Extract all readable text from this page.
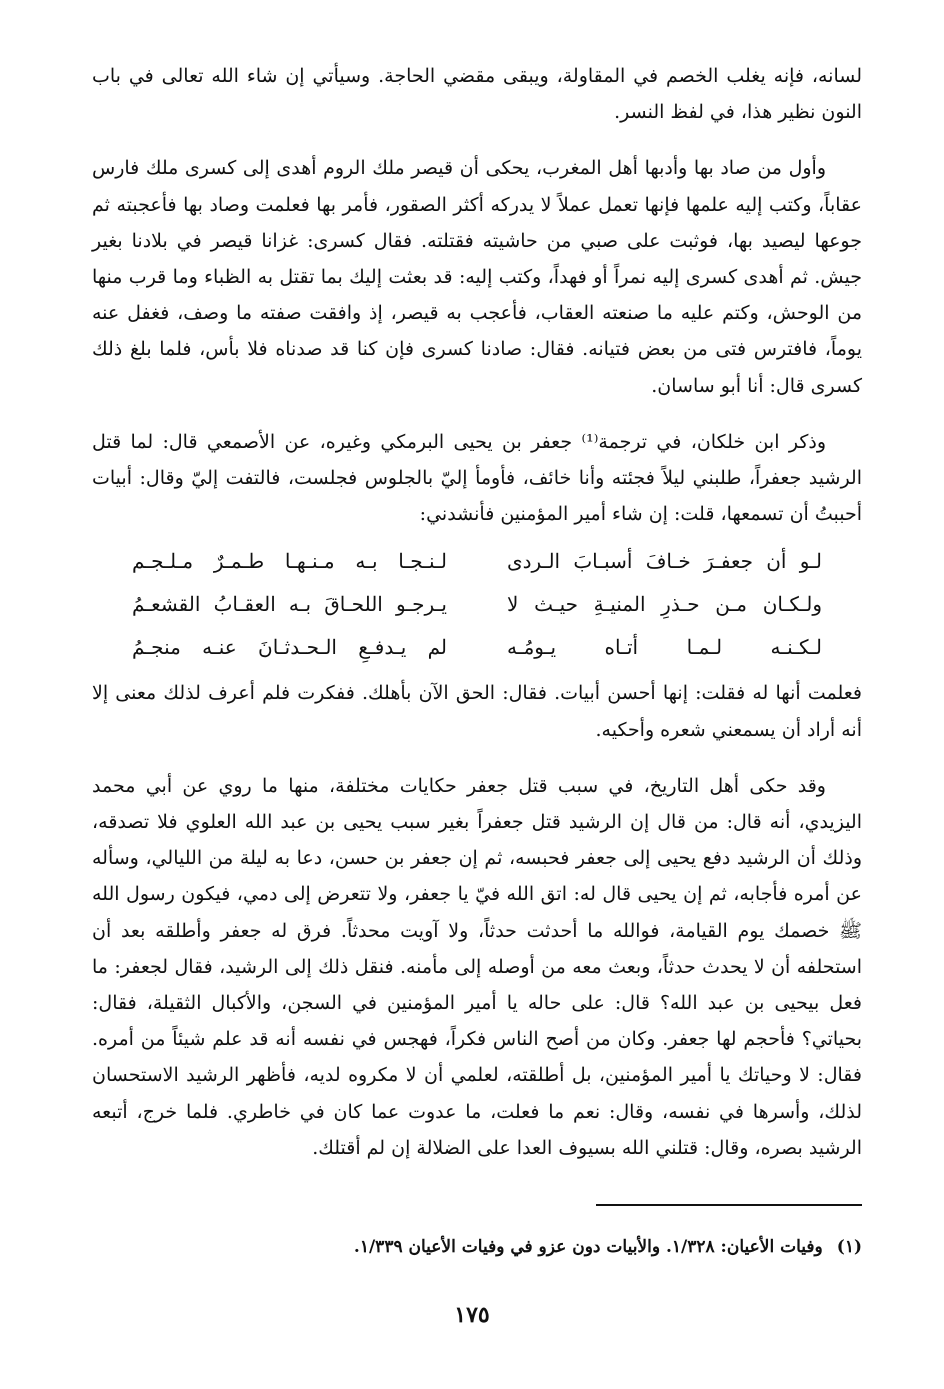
لسانه، فإنه يغلب الخصم في المقاولة، ويبقى مقضي الحاجة. وسيأتي إن شاء الله تعالى في باب النون نظير هذا، في لفظ النسر.

وأول من صاد بها وأدبها أهل المغرب، يحكى أن قيصر ملك الروم أهدى إلى كسرى ملك فارس عقاباً، وكتب إليه علمها فإنها تعمل عملاً لا يدركه أكثر الصقور، فأمر بها فعلمت وصاد بها فأعجبته ثم جوعها ليصيد بها، فوثبت على صبي من حاشيته فقتلته. فقال كسرى: غزانا قيصر في بلادنا بغير جيش. ثم أهدى كسرى إليه نمراً أو فهداً، وكتب إليه: قد بعثت إليك بما تقتل به الظباء وما قرب منها من الوحش، وكتم عليه ما صنعته العقاب، فأعجب به قيصر، إذ وافقت صفته ما وصف، فغفل عنه يوماً، فافترس فتى من بعض فتيانه. فقال: صادنا كسرى فإن كنا قد صدناه فلا بأس، فلما بلغ ذلك كسرى قال: أنا أبو ساسان.

وذكر ابن خلكان، في ترجمة⁽¹⁾ جعفر بن يحيى البرمكي وغيره، عن الأصمعي قال: لما قتل الرشيد جعفراً، طلبني ليلاً فجئته وأنا خائف، فأومأ إليّ بالجلوس فجلست، فالتفت إليّ وقال: أبيات أحببتُ أن تسمعها، قلت: إن شاء أمير المؤمنين فأنشدني:

لـو أن جعفـرَ خـافَ أسبـابَ الـردى
لـنـجـا بـه مـنـهـا طـمـرٌ مـلـجـم
ولـكـان مـن حـذرِ المنيـةِ حيـث لا
يـرجـو اللحـاقَ بـه العقـابُ القشعـمُ
لـكـنـه لـمـا أتـاه يـومُـه
لم يـدفـعِ الـحـدثـانَ عنـه منجـمُ

فعلمت أنها له فقلت: إنها أحسن أبيات. فقال: الحق الآن بأهلك. ففكرت فلم أعرف لذلك معنى إلا أنه أراد أن يسمعني شعره وأحكيه.

وقد حكى أهل التاريخ، في سبب قتل جعفر حكايات مختلفة، منها ما روي عن أبي محمد اليزيدي، أنه قال: من قال إن الرشيد قتل جعفراً بغير سبب يحيى بن عبد الله العلوي فلا تصدقه، وذلك أن الرشيد دفع يحيى إلى جعفر فحبسه، ثم إن جعفر بن حسن، دعا به ليلة من الليالي، وسأله عن أمره فأجابه، ثم إن يحيى قال له: اتق الله فيّ يا جعفر، ولا تتعرض إلى دمي، فيكون رسول الله ﷺ خصمك يوم القيامة، فوالله ما أحدثت حدثاً، ولا آويت محدثاً. فرق له جعفر وأطلقه بعد أن استحلفه أن لا يحدث حدثاً، وبعث معه من أوصله إلى مأمنه. فنقل ذلك إلى الرشيد، فقال لجعفر: ما فعل بيحيى بن عبد الله؟ قال: على حاله يا أمير المؤمنين في السجن، والأكبال الثقيلة، فقال: بحياتي؟ فأحجم لها جعفر. وكان من أصح الناس فكراً، فهجس في نفسه أنه قد علم شيئاً من أمره. فقال: لا وحياتك يا أمير المؤمنين، بل أطلقته، لعلمي أن لا مكروه لديه، فأظهر الرشيد الاستحسان لذلك، وأسرها في نفسه، وقال: نعم ما فعلت، ما عدوت عما كان في خاطري. فلما خرج، أتبعه الرشيد بصره، وقال: قتلني الله بسيوف العدا على الضلالة إن لم أقتلك.

(١)وفيات الأعيان: ١/٣٢٨. والأبيات دون عزو في وفيات الأعيان ١/٣٣٩.

١٧٥
